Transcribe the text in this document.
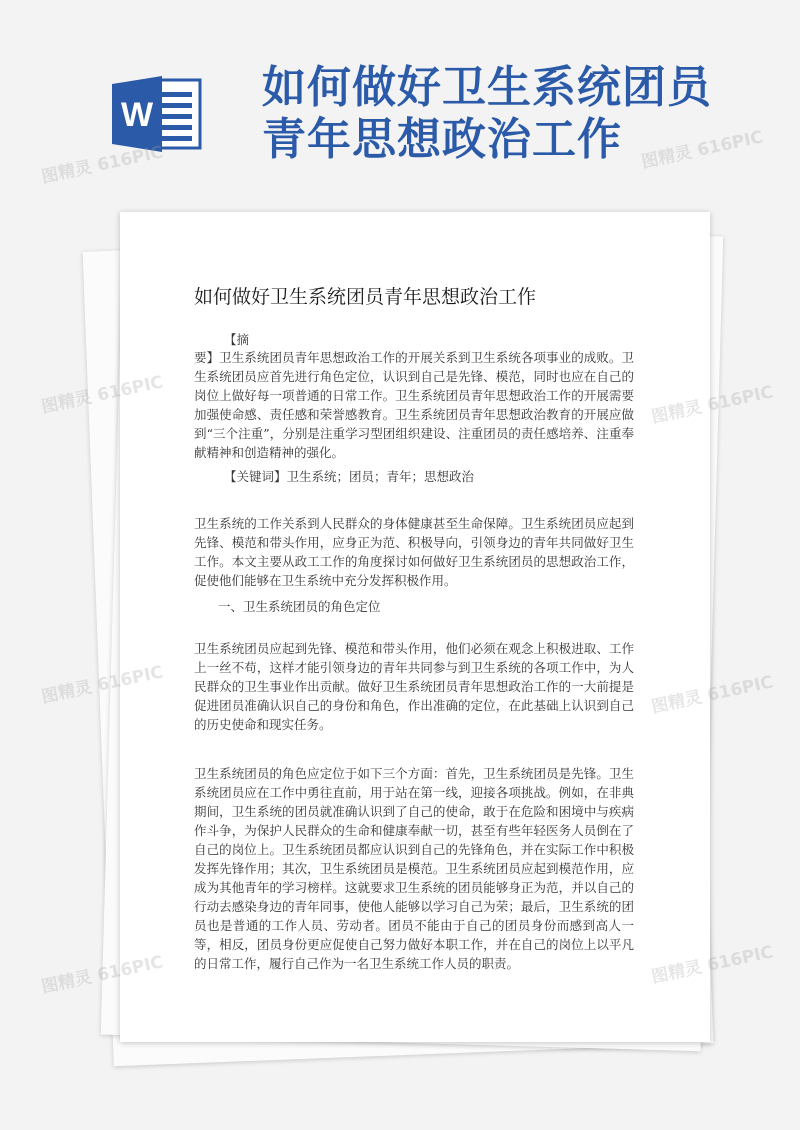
W
如何做好卫生系统团员
青年思想政治工作
如何做好卫生系统团员青年思想政治工作
【摘
要】卫生系统团员青年思想政治工作的开展关系到卫生系统各项事业的成败。卫生系统团员应首先进行角色定位，认识到自己是先锋、模范，同时也应在自己的岗位上做好每一项普通的日常工作。卫生系统团员青年思想政治工作的开展需要加强使命感、责任感和荣誉感教育。卫生系统团员青年思想政治教育的开展应做到“三个注重”，分别是注重学习型团组织建设、注重团员的责任感培养、注重奉献精神和创造精神的强化。
【关键词】卫生系统；团员；青年；思想政治
卫生系统的工作关系到人民群众的身体健康甚至生命保障。卫生系统团员应起到先锋、模范和带头作用，应身正为范、积极导向，引领身边的青年共同做好卫生工作。本文主要从政工工作的角度探讨如何做好卫生系统团员的思想政治工作，促使他们能够在卫生系统中充分发挥积极作用。
一、卫生系统团员的角色定位
卫生系统团员应起到先锋、模范和带头作用，他们必须在观念上积极进取、工作上一丝不苟，这样才能引领身边的青年共同参与到卫生系统的各项工作中，为人民群众的卫生事业作出贡献。做好卫生系统团员青年思想政治工作的一大前提是促进团员准确认识自己的身份和角色，作出准确的定位，在此基础上认识到自己的历史使命和现实任务。
卫生系统团员的角色应定位于如下三个方面：首先，卫生系统团员是先锋。卫生系统团员应在工作中勇往直前，用于站在第一线，迎接各项挑战。例如，在非典期间，卫生系统的团员就准确认识到了自己的使命，敢于在危险和困境中与疾病作斗争，为保护人民群众的生命和健康奉献一切，甚至有些年轻医务人员倒在了自己的岗位上。卫生系统团员都应认识到自己的先锋角色，并在实际工作中积极发挥先锋作用；其次，卫生系统团员是模范。卫生系统团员应起到模范作用，应成为其他青年的学习榜样。这就要求卫生系统的团员能够身正为范，并以自己的行动去感染身边的青年同事，使他人能够以学习自己为荣；最后，卫生系统的团员也是普通的工作人员、劳动者。团员不能由于自己的团员身份而感到高人一等，相反，团员身份更应促使自己努力做好本职工作，并在自己的岗位上以平凡的日常工作，履行自己作为一名卫生系统工作人员的职责。
图精灵 616PIC	图精灵 616PIC
图精灵 616PIC	图精灵 616PIC
图精灵 616PIC	图精灵 616PIC
图精灵 616PIC	图精灵 616PIC
